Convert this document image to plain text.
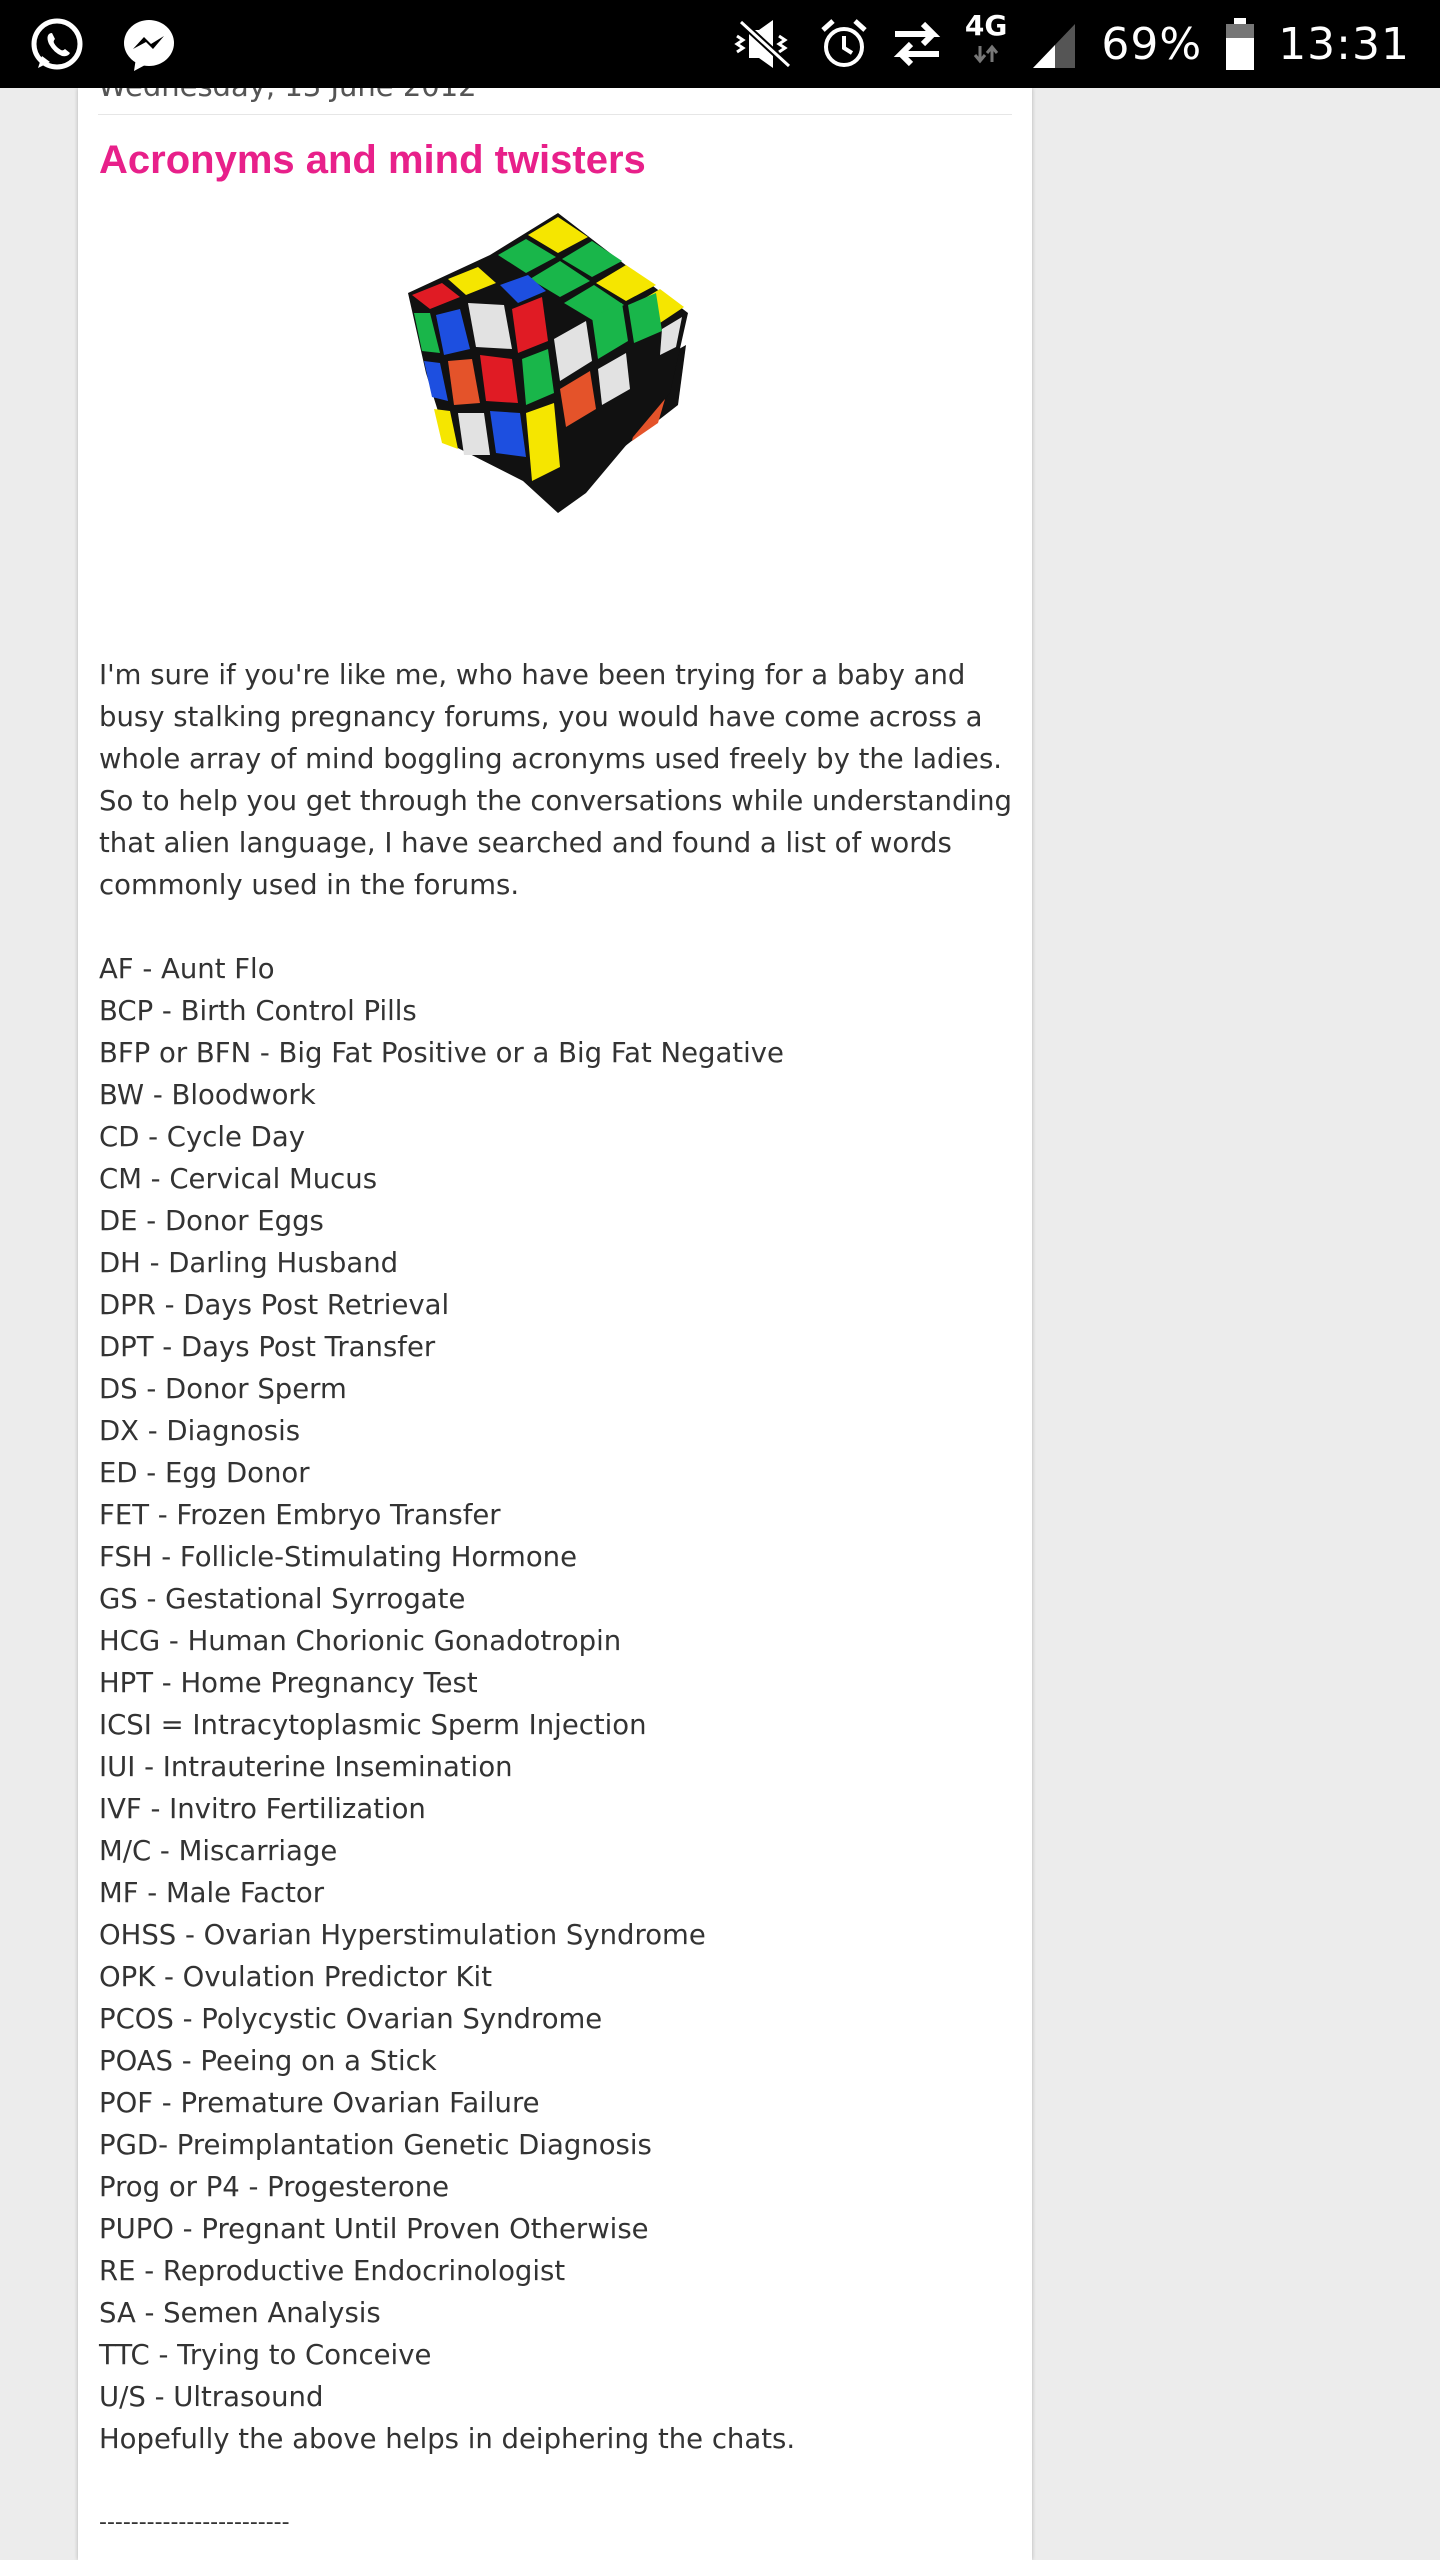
4G 69% 13:31
Acronyms and mind twisters

I'm sure if you're like me, who have been trying for a baby and busy stalking pregnancy forums, you would have come across a whole array of mind boggling acronyms used freely by the ladies. So to help you get through the conversations while understanding that alien language, I have searched and found a list of words commonly used in the forums.

AF - Aunt Flo
BCP - Birth Control Pills
BFP or BFN - Big Fat Positive or a Big Fat Negative
BW - Bloodwork
CD - Cycle Day
CM - Cervical Mucus
DE - Donor Eggs
DH - Darling Husband
DPR - Days Post Retrieval
DPT - Days Post Transfer
DS - Donor Sperm
DX - Diagnosis
ED - Egg Donor
FET - Frozen Embryo Transfer
FSH - Follicle-Stimulating Hormone
GS - Gestational Syrrogate
HCG - Human Chorionic Gonadotropin
HPT - Home Pregnancy Test
ICSI = Intracytoplasmic Sperm Injection
IUI - Intrauterine Insemination
IVF - Invitro Fertilization
M/C - Miscarriage
MF - Male Factor
OHSS - Ovarian Hyperstimulation Syndrome
OPK - Ovulation Predictor Kit
PCOS - Polycystic Ovarian Syndrome
POAS - Peeing on a Stick
POF - Premature Ovarian Failure
PGD- Preimplantation Genetic Diagnosis
Prog or P4 - Progesterone
PUPO - Pregnant Until Proven Otherwise
RE - Reproductive Endocrinologist
SA - Semen Analysis
TTC - Trying to Conceive
U/S - Ultrasound

Hopefully the above helps in deiphering the chats.

------------------------
